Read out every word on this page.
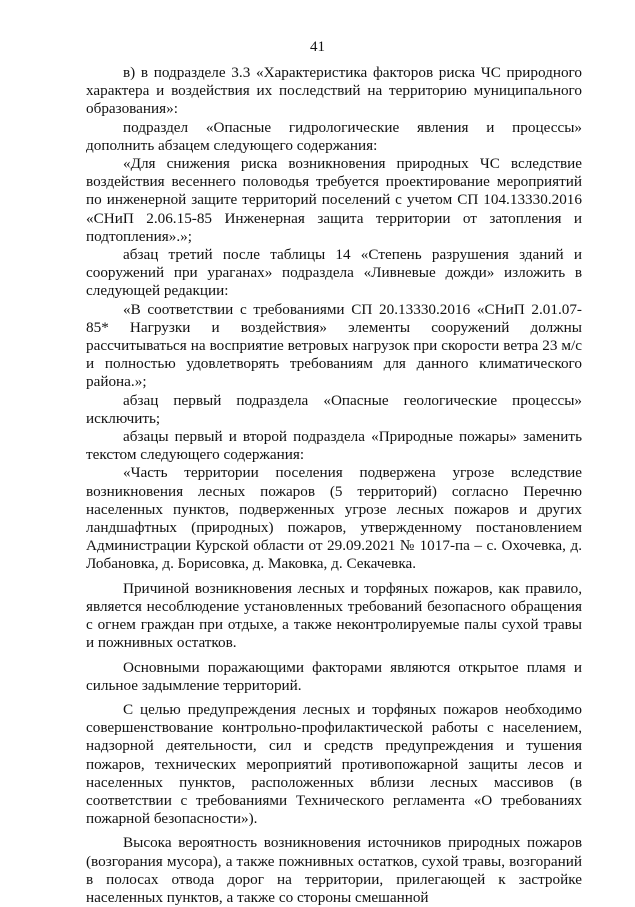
41

в) в подразделе 3.3 «Характеристика факторов риска ЧС природного характера и воздействия их последствий на территорию муниципального образования»:

подраздел «Опасные гидрологические явления и процессы» дополнить абзацем следующего содержания:

«Для снижения риска возникновения природных ЧС вследствие воздействия весеннего половодья требуется проектирование мероприятий по инженерной защите территорий поселений с учетом СП 104.13330.2016 «СНиП 2.06.15-85 Инженерная защита территории от затопления и подтопления».»;

абзац третий после таблицы 14 «Степень разрушения зданий и сооружений при ураганах» подраздела «Ливневые дожди» изложить в следующей редакции:

«В соответствии с требованиями СП 20.13330.2016 «СНиП 2.01.07-85* Нагрузки и воздействия» элементы сооружений должны рассчитываться на восприятие ветровых нагрузок при скорости ветра 23 м/с и полностью удовлетворять требованиям для данного климатического района.»;

абзац первый подраздела «Опасные геологические процессы» исключить;

абзацы первый и второй подраздела «Природные пожары» заменить текстом следующего содержания:

«Часть территории поселения подвержена угрозе вследствие возникновения лесных пожаров (5 территорий) согласно Перечню населенных пунктов, подверженных угрозе лесных пожаров и других ландшафтных (природных) пожаров, утвержденному постановлением Администрации Курской области от 29.09.2021 № 1017-па – с. Охочевка, д. Лобановка, д. Борисовка, д. Маковка, д. Секачевка.

Причиной возникновения лесных и торфяных пожаров, как правило, является несоблюдение установленных требований безопасного обращения с огнем граждан при отдыхе, а также неконтролируемые палы сухой травы и пожнивных остатков.

Основными поражающими факторами являются открытое пламя и сильное задымление территорий.

С целью предупреждения лесных и торфяных пожаров необходимо совершенствование контрольно-профилактической работы с населением, надзорной деятельности, сил и средств предупреждения и тушения пожаров, технических мероприятий противопожарной защиты лесов и населенных пунктов, расположенных вблизи лесных массивов (в соответствии с требованиями Технического регламента «О требованиях пожарной безопасности»).

Высока вероятность возникновения источников природных пожаров (возгорания мусора), а также пожнивных остатков, сухой травы, возгораний в полосах отвода дорог на территории, прилегающей к застройке населенных пунктов, а также со стороны смешанной
